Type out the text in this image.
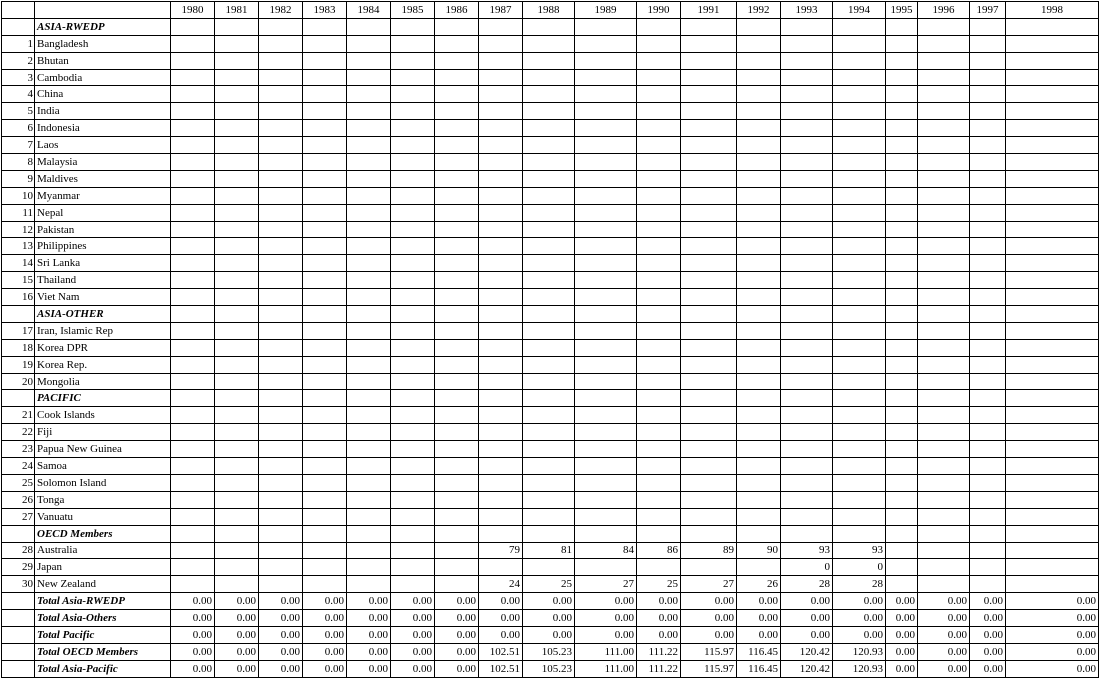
		1980	1981	1982	1983	1984	1985	1986	1987	1988	1989	1990	1991	1992	1993	1994	1995	1996	1997	1998
	ASIA-RWEDP																			
1	Bangladesh																			
2	Bhutan																			
3	Cambodia																			
4	China																			
5	India																			
6	Indonesia																			
7	Laos																			
8	Malaysia																			
9	Maldives																			
10	Myanmar																			
11	Nepal																			
12	Pakistan																			
13	Philippines																			
14	Sri Lanka																			
15	Thailand																			
16	Viet Nam																			
	ASIA-OTHER																			
17	Iran, Islamic Rep																			
18	Korea DPR																			
19	Korea Rep.																			
20	Mongolia																			
	PACIFIC																			
21	Cook Islands																			
22	Fiji																			
23	Papua New Guinea																			
24	Samoa																			
25	Solomon Island																			
26	Tonga																			
27	Vanuatu																			
	OECD Members																			
28	Australia								79	81	84	86	89	90	93	93				
29	Japan														0	0				
30	New Zealand								24	25	27	25	27	26	28	28				
	Total Asia-RWEDP	0.00	0.00	0.00	0.00	0.00	0.00	0.00	0.00	0.00	0.00	0.00	0.00	0.00	0.00	0.00	0.00	0.00	0.00	0.00
	Total Asia-Others	0.00	0.00	0.00	0.00	0.00	0.00	0.00	0.00	0.00	0.00	0.00	0.00	0.00	0.00	0.00	0.00	0.00	0.00	0.00
	Total Pacific	0.00	0.00	0.00	0.00	0.00	0.00	0.00	0.00	0.00	0.00	0.00	0.00	0.00	0.00	0.00	0.00	0.00	0.00	0.00
	Total OECD Members	0.00	0.00	0.00	0.00	0.00	0.00	0.00	102.51	105.23	111.00	111.22	115.97	116.45	120.42	120.93	0.00	0.00	0.00	0.00
	Total Asia-Pacific	0.00	0.00	0.00	0.00	0.00	0.00	0.00	102.51	105.23	111.00	111.22	115.97	116.45	120.42	120.93	0.00	0.00	0.00	0.00
